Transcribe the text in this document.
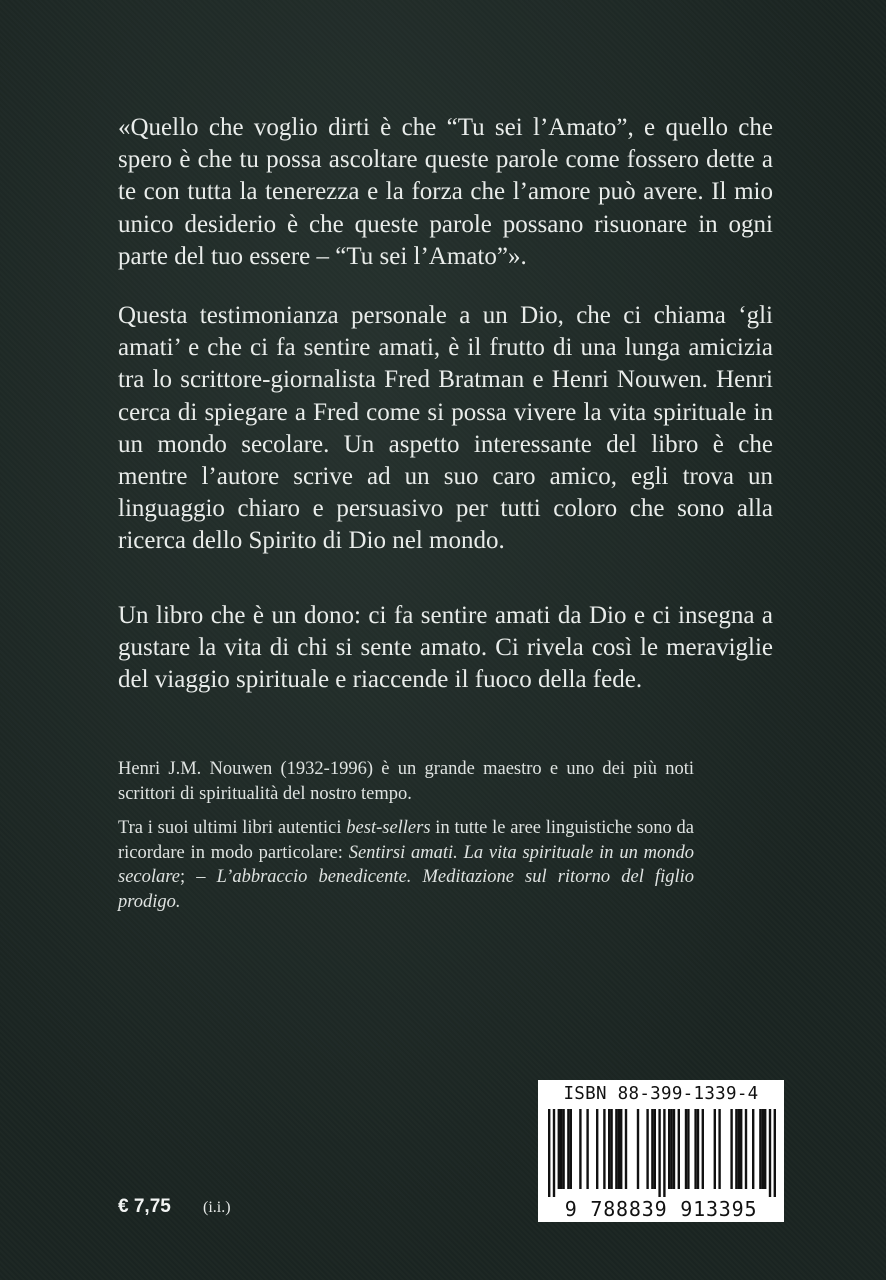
«Quello che voglio dirti è che “Tu sei l’Amato”, e quello che spero è che tu possa ascoltare queste parole come fossero dette a te con tutta la tenerezza e la forza che l’amore può avere. Il mio unico desiderio è che queste parole possano risuonare in ogni parte del tuo essere – “Tu sei l’Amato”».

Questa testimonianza personale a un Dio, che ci chiama ‘gli amati’ e che ci fa sentire amati, è il frutto di una lunga amicizia tra lo scrittore-giornalista Fred Bratman e Henri Nouwen. Henri cerca di spiegare a Fred come si possa vivere la vita spirituale in un mondo secolare. Un aspetto interessante del libro è che mentre l’autore scrive ad un suo caro amico, egli trova un linguaggio chiaro e persuasivo per tutti coloro che sono alla ricerca dello Spirito di Dio nel mondo.

Un libro che è un dono: ci fa sentire amati da Dio e ci insegna a gustare la vita di chi si sente amato. Ci rivela così le meraviglie del viaggio spirituale e riaccende il fuoco della fede.

Henri J.M. Nouwen (1932-1996) è un grande maestro e uno dei più noti scrittori di spiritualità del nostro tempo.

Tra i suoi ultimi libri autentici best-sellers in tutte le aree linguistiche sono da ricordare in modo particolare: Sentirsi amati. La vita spirituale in un mondo secolare; – L’abbraccio benedicente. Meditazione sul ritorno del figlio prodigo.

ISBN 88-399-1339-4
9 788839 913395
€ 7,75 (i.i.)
